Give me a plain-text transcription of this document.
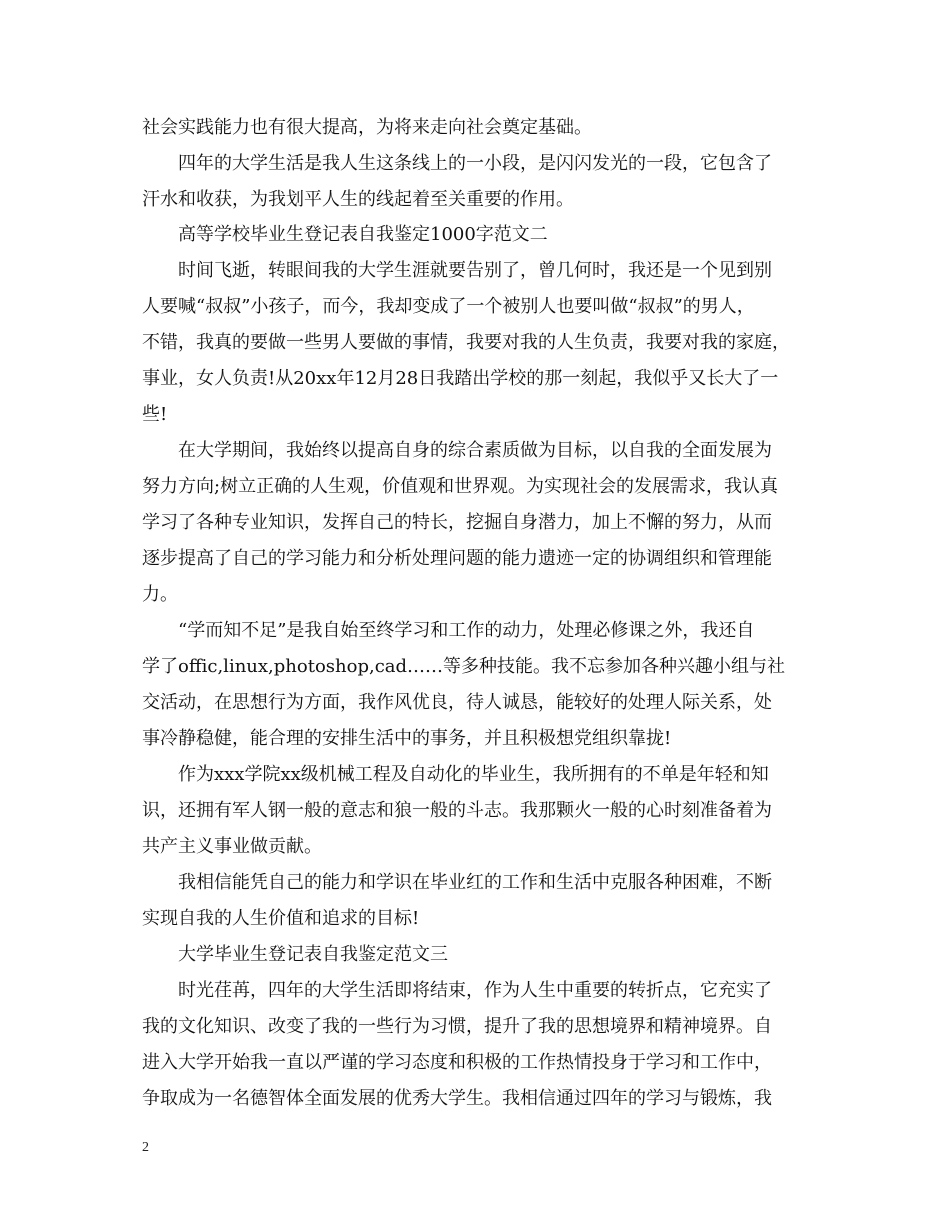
社会实践能力也有很大提高，为将来走向社会奠定基础。
四年的大学生活是我人生这条线上的一小段，是闪闪发光的一段，它包含了
汗水和收获，为我划平人生的线起着至关重要的作用。
高等学校毕业生登记表自我鉴定1000字范文二
时间飞逝，转眼间我的大学生涯就要告别了，曾几何时，我还是一个见到别
人要喊“叔叔”小孩子，而今，我却变成了一个被别人也要叫做“叔叔”的男人，
不错，我真的要做一些男人要做的事情，我要对我的人生负责，我要对我的家庭，
事业，女人负责!从20xx年12月28日我踏出学校的那一刻起，我似乎又长大了一
些!
在大学期间，我始终以提高自身的综合素质做为目标，以自我的全面发展为
努力方向;树立正确的人生观，价值观和世界观。为实现社会的发展需求，我认真
学习了各种专业知识，发挥自己的特长，挖掘自身潜力，加上不懈的努力，从而
逐步提高了自己的学习能力和分析处理问题的能力遗迹一定的协调组织和管理能
力。
“学而知不足”是我自始至终学习和工作的动力，处理必修课之外，我还自
学了offic,linux,photoshop,cad……等多种技能。我不忘参加各种兴趣小组与社
交活动，在思想行为方面，我作风优良，待人诚恳，能较好的处理人际关系，处
事冷静稳健，能合理的安排生活中的事务，并且积极想党组织靠拢!
作为xxx学院xx级机械工程及自动化的毕业生，我所拥有的不单是年轻和知
识，还拥有军人钢一般的意志和狼一般的斗志。我那颗火一般的心时刻准备着为
共产主义事业做贡献。
我相信能凭自己的能力和学识在毕业红的工作和生活中克服各种困难，不断
实现自我的人生价值和追求的目标!
大学毕业生登记表自我鉴定范文三
时光荏苒，四年的大学生活即将结束，作为人生中重要的转折点，它充实了
我的文化知识、改变了我的一些行为习惯，提升了我的思想境界和精神境界。自
进入大学开始我一直以严谨的学习态度和积极的工作热情投身于学习和工作中，
争取成为一名德智体全面发展的优秀大学生。我相信通过四年的学习与锻炼，我
2
